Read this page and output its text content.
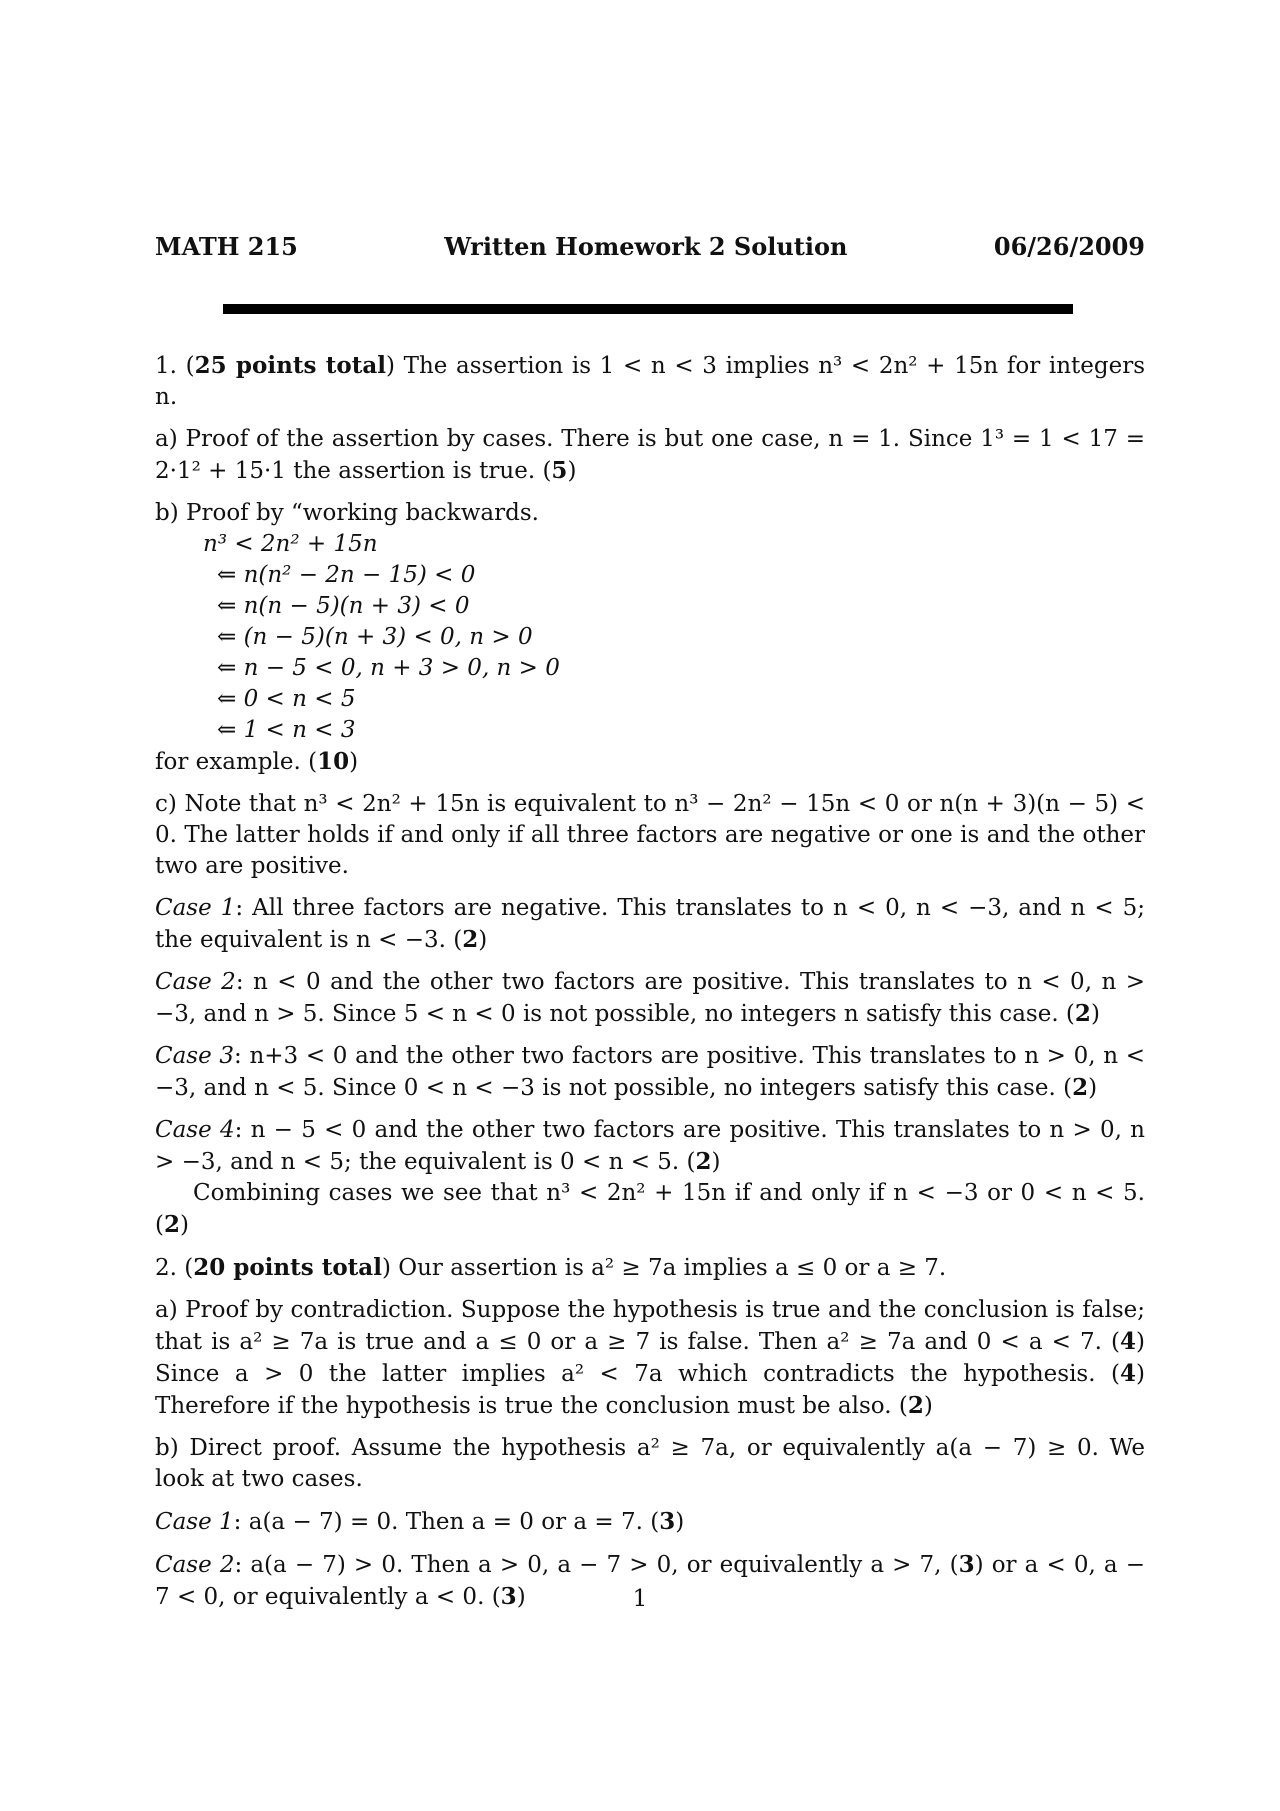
MATH 215	Written Homework 2 Solution	06/26/2009

1. (25 points total) The assertion is 1 < n < 3 implies n³ < 2n² + 15n for integers n.

a) Proof of the assertion by cases. There is but one case, n = 1. Since 1³ = 1 < 17 = 2·1² + 15·1 the assertion is true. (5)

b) Proof by “working backwards.

n³ < 2n² + 15n
⇐ n(n² − 2n − 15) < 0
⇐ n(n − 5)(n + 3) < 0
⇐ (n − 5)(n + 3) < 0, n > 0
⇐ n − 5 < 0, n + 3 > 0, n > 0
⇐ 0 < n < 5
⇐ 1 < n < 3

for example. (10)

c) Note that n³ < 2n² + 15n is equivalent to n³ − 2n² − 15n < 0 or n(n + 3)(n − 5) < 0. The latter holds if and only if all three factors are negative or one is and the other two are positive.

Case 1: All three factors are negative. This translates to n < 0, n < −3, and n < 5; the equivalent is n < −3. (2)

Case 2: n < 0 and the other two factors are positive. This translates to n < 0, n > −3, and n > 5. Since 5 < n < 0 is not possible, no integers n satisfy this case. (2)

Case 3: n+3 < 0 and the other two factors are positive. This translates to n > 0, n < −3, and n < 5. Since 0 < n < −3 is not possible, no integers satisfy this case. (2)

Case 4: n − 5 < 0 and the other two factors are positive. This translates to n > 0, n > −3, and n < 5; the equivalent is 0 < n < 5. (2)

Combining cases we see that n³ < 2n² + 15n if and only if n < −3 or 0 < n < 5. (2)

2. (20 points total) Our assertion is a² ≥ 7a implies a ≤ 0 or a ≥ 7.

a) Proof by contradiction. Suppose the hypothesis is true and the conclusion is false; that is a² ≥ 7a is true and a ≤ 0 or a ≥ 7 is false. Then a² ≥ 7a and 0 < a < 7. (4) Since a > 0 the latter implies a² < 7a which contradicts the hypothesis. (4) Therefore if the hypothesis is true the conclusion must be also. (2)

b) Direct proof. Assume the hypothesis a² ≥ 7a, or equivalently a(a − 7) ≥ 0. We look at two cases.

Case 1: a(a − 7) = 0. Then a = 0 or a = 7. (3)

Case 2: a(a − 7) > 0. Then a > 0, a − 7 > 0, or equivalently a > 7, (3) or a < 0, a − 7 < 0, or equivalently a < 0. (3)	1
